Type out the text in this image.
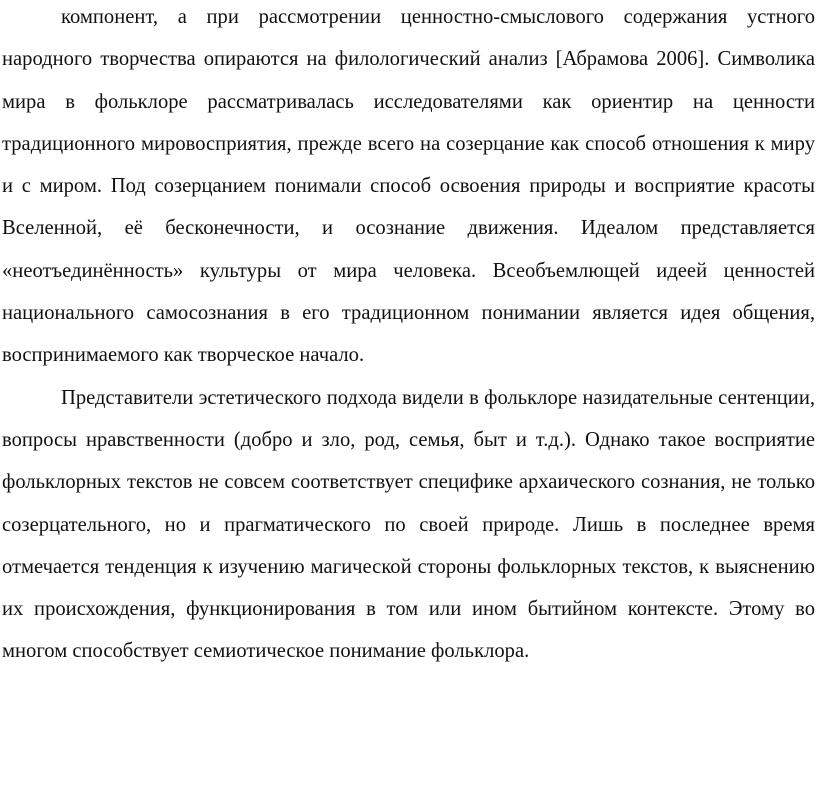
компонент, а при рассмотрении ценностно-смыслового содержания устного народного творчества опираются на филологический анализ [Абрамова 2006]. Символика мира в фольклоре рассматривалась исследователями как ориентир на ценности традиционного мировосприятия, прежде всего на созерцание как способ отношения к миру и с миром. Под созерцанием понимали способ освоения природы и восприятие красоты Вселенной, её бесконечности, и осознание движения. Идеалом представляется «неотъединённость» культуры от мира человека. Всеобъемлющей идеей ценностей национального самосознания в его традиционном понимании является идея общения, воспринимаемого как творческое начало.

Представители эстетического подхода видели в фольклоре назидательные сентенции, вопросы нравственности (добро и зло, род, семья, быт и т.д.). Однако такое восприятие фольклорных текстов не совсем соответствует специфике архаического сознания, не только созерцательного, но и прагматического по своей природе. Лишь в последнее время отмечается тенденция к изучению магической стороны фольклорных текстов, к выяснению их происхождения, функционирования в том или ином бытийном контексте. Этому во многом способствует семиотическое понимание фольклора.
